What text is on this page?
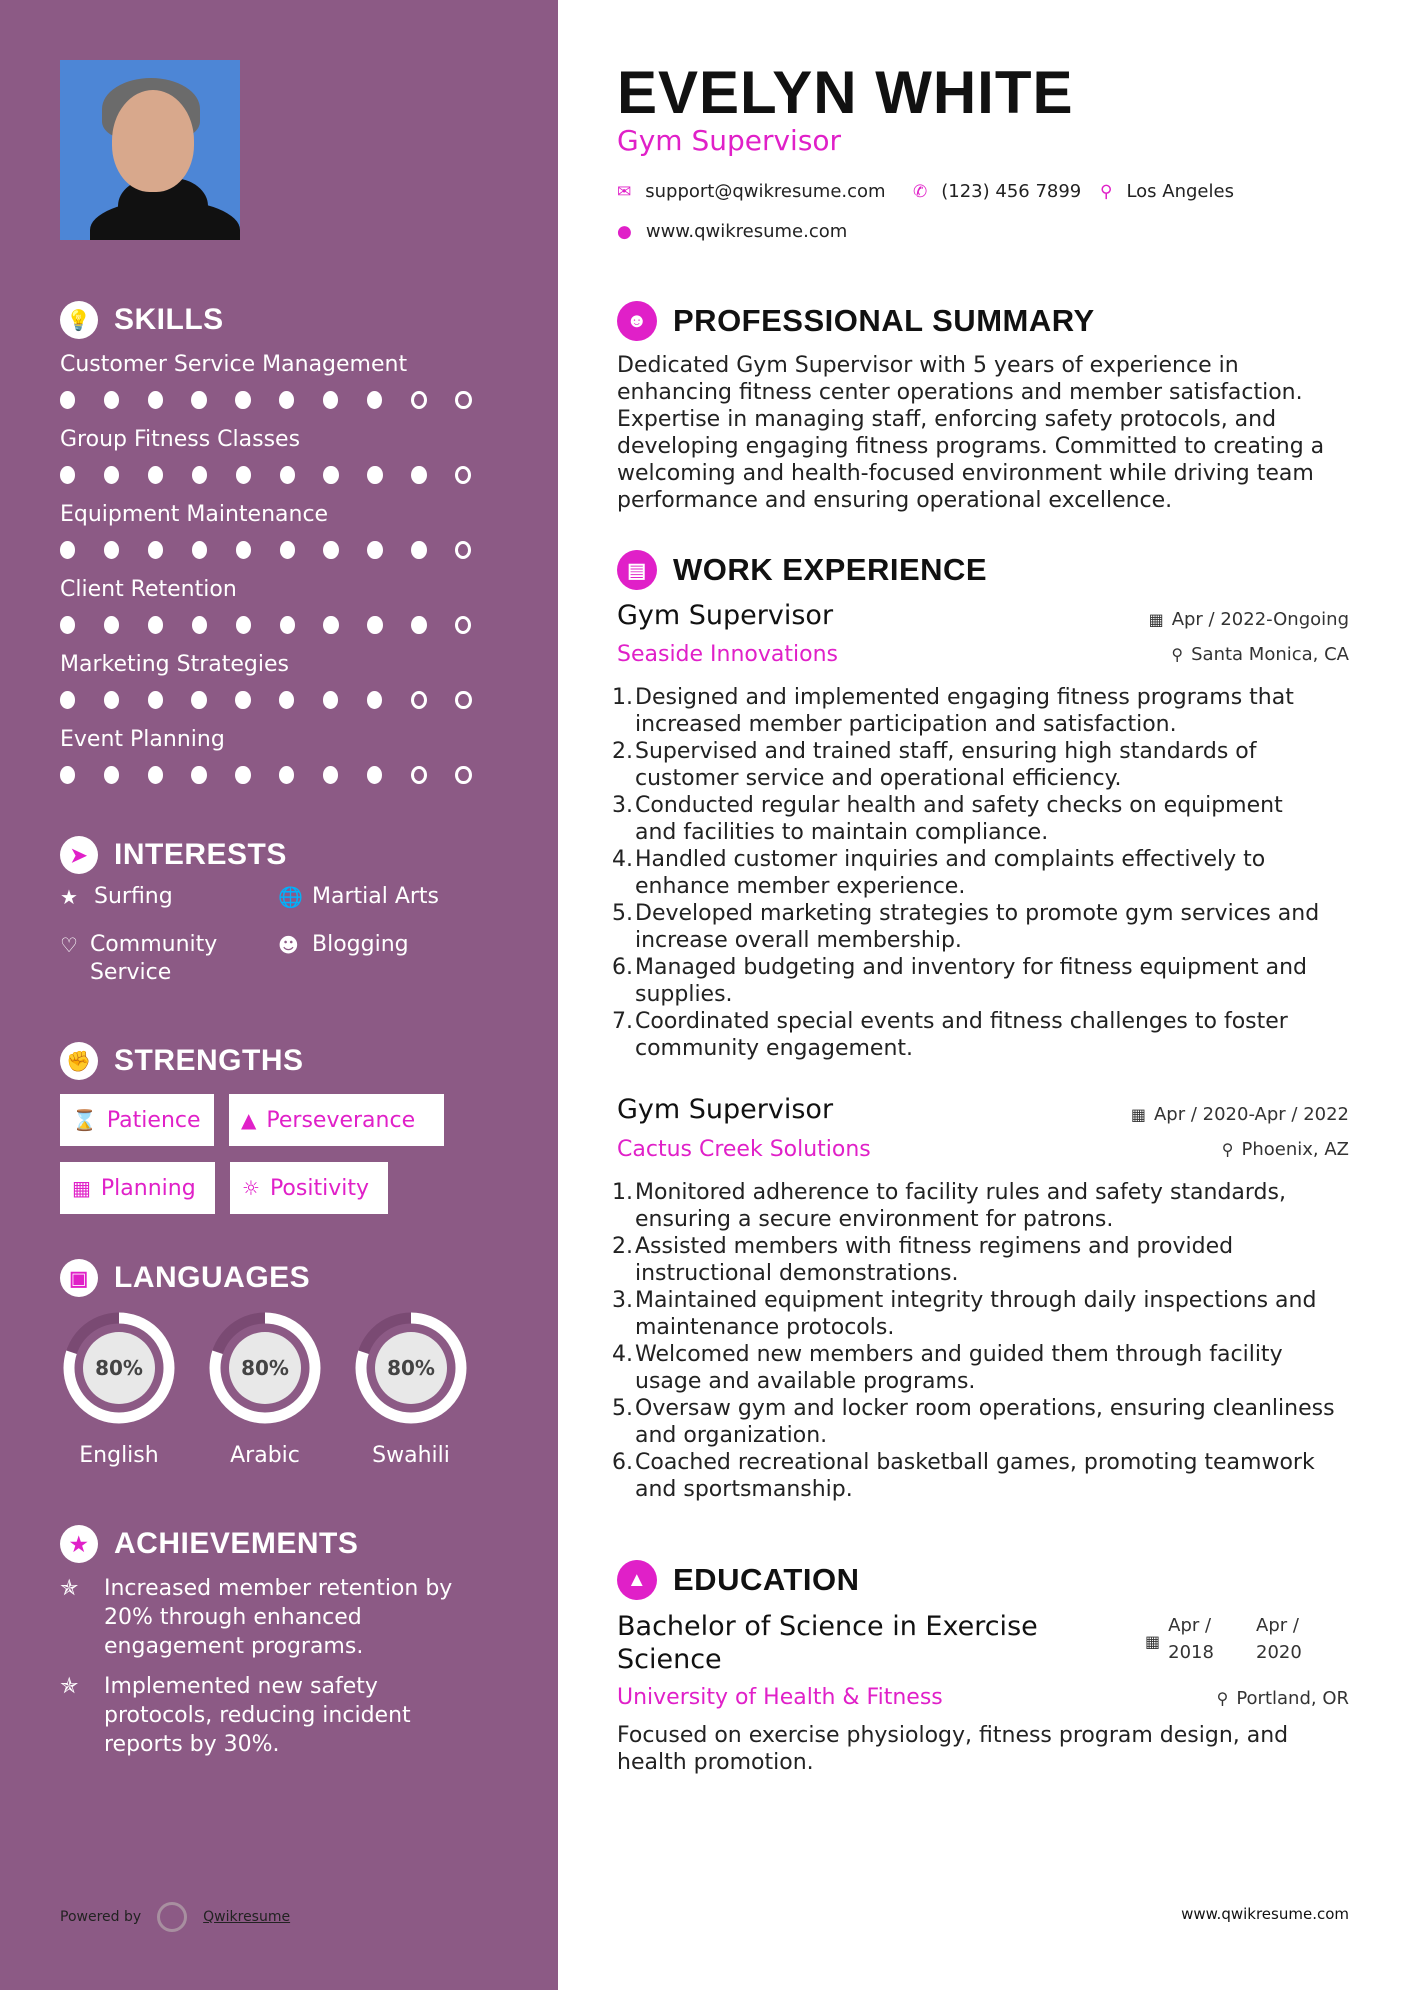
💡 SKILLS
Customer Service Management
Group Fitness Classes
Equipment Maintenance
Client Retention
Marketing Strategies
Event Planning
➤ INTERESTS
★ Surfing	🌐 Martial Arts
♡ Community Service
☻ Blogging
✊ STRENGTHS
⌛ Patience ▲ Perseverance
▦ Planning ☼ Positivity
▣ LANGUAGES
80%
English
80%
Arabic
80%
Swahili
★ ACHIEVEMENTS
✯	Increased member retention by 20% through enhanced engagement programs.
✯	Implemented new safety protocols, reducing incident reports by 30%.
Powered by	Qwikresume
EVELYN WHITE
Gym Supervisor
✉ support@qwikresume.com ✆ (123) 456 7899 ⚲ Los Angeles
● www.qwikresume.com
☻ PROFESSIONAL SUMMARY
Dedicated Gym Supervisor with 5 years of experience in enhancing fitness center operations and member satisfaction. Expertise in managing staff, enforcing safety protocols, and developing engaging fitness programs. Committed to creating a welcoming and health-focused environment while driving team performance and ensuring operational excellence.
▤ WORK EXPERIENCE
Gym Supervisor
Seaside Innovations
▦ Apr / 2022-Ongoing
⚲ Santa Monica, CA
1. Designed and implemented engaging fitness programs that
increased member participation and satisfaction.
2. Supervised and trained staff, ensuring high standards of
customer service and operational efficiency.
3. Conducted regular health and safety checks on equipment
and facilities to maintain compliance.
4. Handled customer inquiries and complaints effectively to
enhance member experience.
5. Developed marketing strategies to promote gym services and
increase overall membership.
6. Managed budgeting and inventory for fitness equipment and
supplies.
7. Coordinated special events and fitness challenges to foster
community engagement.
Gym Supervisor
Cactus Creek Solutions
▦ Apr / 2020-Apr / 2022
⚲ Phoenix, AZ
1. Monitored adherence to facility rules and safety standards,
ensuring a secure environment for patrons.
2. Assisted members with fitness regimens and provided
instructional demonstrations.
3. Maintained equipment integrity through daily inspections and
maintenance protocols.
4. Welcomed new members and guided them through facility
usage and available programs.
5. Oversaw gym and locker room operations, ensuring cleanliness
and organization.
6. Coached recreational basketball games, promoting teamwork
and sportsmanship.
▲ EDUCATION
Bachelor of Science in Exercise Science
▦
Apr / 2018
Apr / 2020
University of Health & Fitness	⚲ Portland, OR
Focused on exercise physiology, fitness program design, and health promotion.
www.qwikresume.com
